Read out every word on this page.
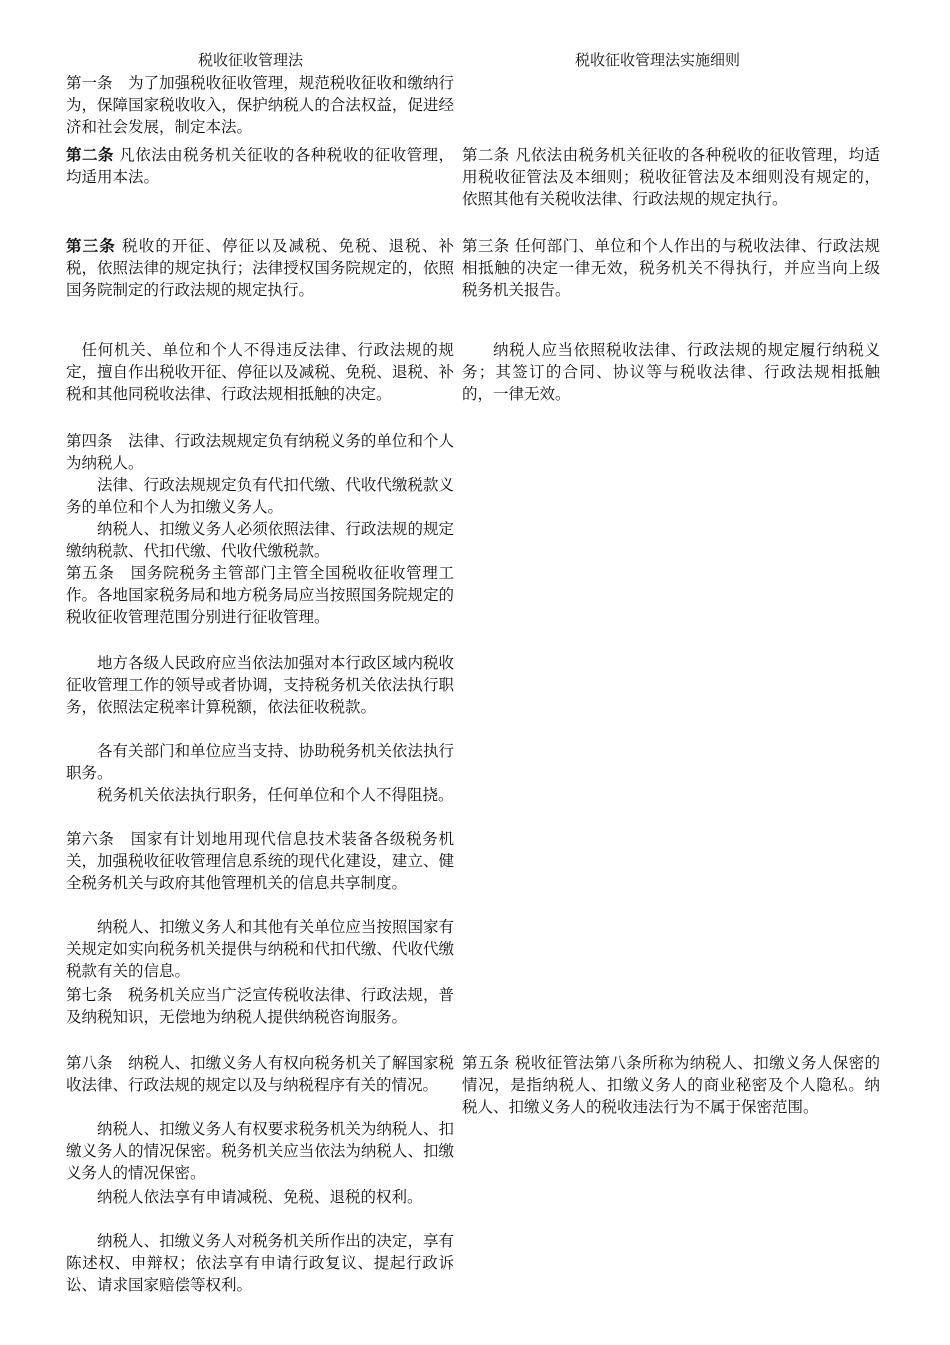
税收征收管理法	税收征收管理法实施细则

第一条　为了加强税收征收管理，规范税收征收和缴纳行为，保障国家税收收入，保护纳税人的合法权益，促进经济和社会发展，制定本法。

第二条 凡依法由税务机关征收的各种税收的征收管理，均适用本法。

第三条 税收的开征、停征以及减税、免税、退税、补税，依照法律的规定执行；法律授权国务院规定的，依照国务院制定的行政法规的规定执行。

任何机关、单位和个人不得违反法律、行政法规的规定，擅自作出税收开征、停征以及减税、免税、退税、补税和其他同税收法律、行政法规相抵触的决定。

第四条　法律、行政法规规定负有纳税义务的单位和个人为纳税人。

法律、行政法规规定负有代扣代缴、代收代缴税款义务的单位和个人为扣缴义务人。

纳税人、扣缴义务人必须依照法律、行政法规的规定缴纳税款、代扣代缴、代收代缴税款。

第五条　国务院税务主管部门主管全国税收征收管理工作。各地国家税务局和地方税务局应当按照国务院规定的税收征收管理范围分别进行征收管理。

地方各级人民政府应当依法加强对本行政区域内税收征收管理工作的领导或者协调，支持税务机关依法执行职务，依照法定税率计算税额，依法征收税款。

各有关部门和单位应当支持、协助税务机关依法执行职务。

税务机关依法执行职务，任何单位和个人不得阻挠。

第六条　国家有计划地用现代信息技术装备各级税务机关，加强税收征收管理信息系统的现代化建设，建立、健全税务机关与政府其他管理机关的信息共享制度。

纳税人、扣缴义务人和其他有关单位应当按照国家有关规定如实向税务机关提供与纳税和代扣代缴、代收代缴税款有关的信息。

第七条　税务机关应当广泛宣传税收法律、行政法规，普及纳税知识，无偿地为纳税人提供纳税咨询服务。

第八条　纳税人、扣缴义务人有权向税务机关了解国家税收法律、行政法规的规定以及与纳税程序有关的情况。

纳税人、扣缴义务人有权要求税务机关为纳税人、扣缴义务人的情况保密。税务机关应当依法为纳税人、扣缴义务人的情况保密。

纳税人依法享有申请减税、免税、退税的权利。

纳税人、扣缴义务人对税务机关所作出的决定，享有陈述权、申辩权；依法享有申请行政复议、提起行政诉讼、请求国家赔偿等权利。

第二条 凡依法由税务机关征收的各种税收的征收管理，均适用税收征管法及本细则；税收征管法及本细则没有规定的，依照其他有关税收法律、行政法规的规定执行。

第三条 任何部门、单位和个人作出的与税收法律、行政法规相抵触的决定一律无效，税务机关不得执行，并应当向上级税务机关报告。

纳税人应当依照税收法律、行政法规的规定履行纳税义务；其签订的合同、协议等与税收法律、行政法规相抵触的，一律无效。

第五条 税收征管法第八条所称为纳税人、扣缴义务人保密的情况，是指纳税人、扣缴义务人的商业秘密及个人隐私。纳税人、扣缴义务人的税收违法行为不属于保密范围。
